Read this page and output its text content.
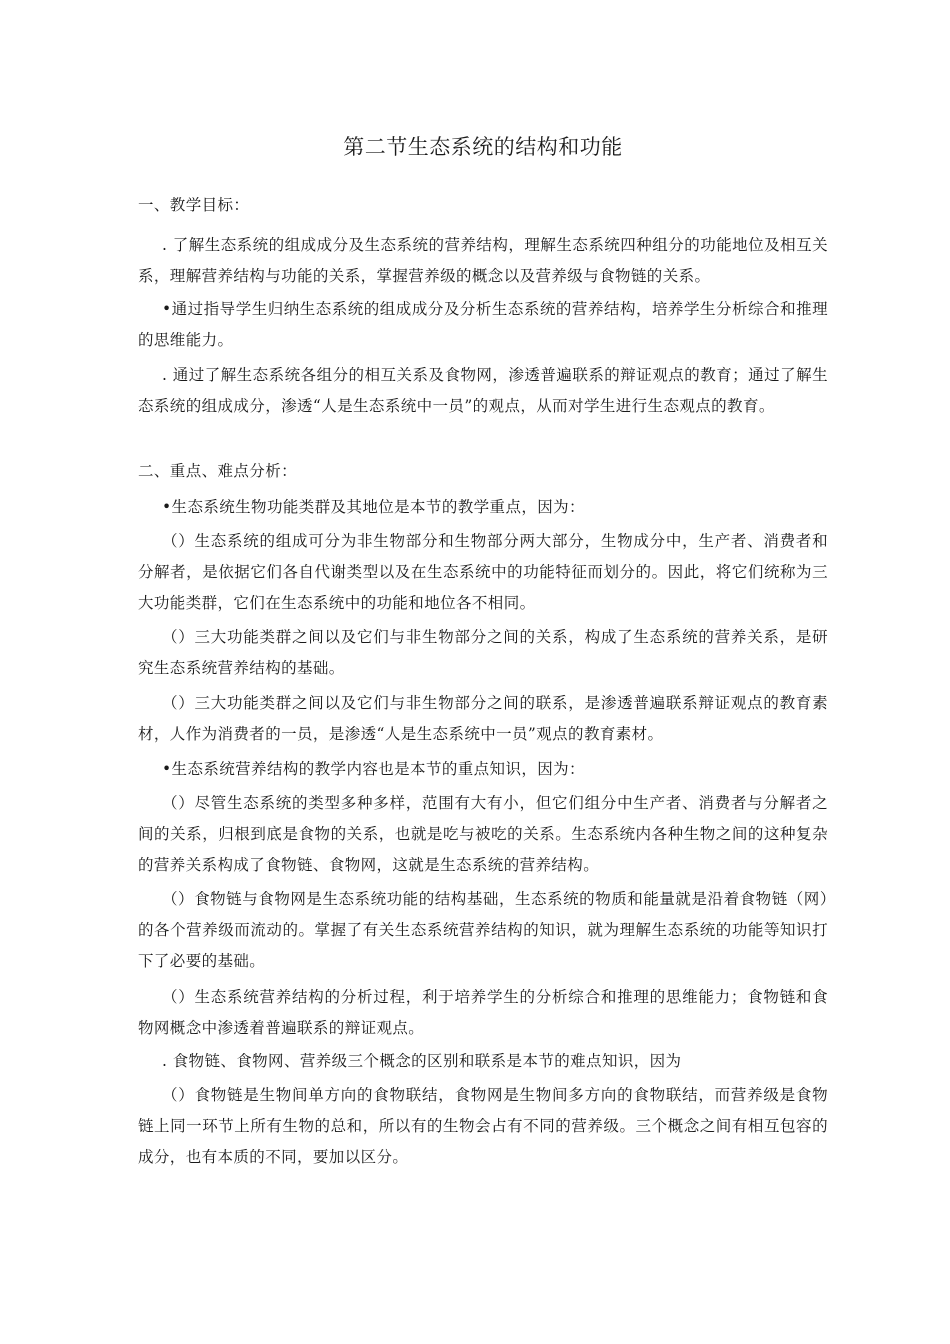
第二节生态系统的结构和功能

一、教学目标：

. 了解生态系统的组成成分及生态系统的营养结构，理解生态系统四种组分的功能地位及相互关系，理解营养结构与功能的关系，掌握营养级的概念以及营养级与食物链的关系。

•通过指导学生归纳生态系统的组成成分及分析生态系统的营养结构，培养学生分析综合和推理的思维能力。

. 通过了解生态系统各组分的相互关系及食物网，渗透普遍联系的辩证观点的教育；通过了解生态系统的组成成分，渗透“人是生态系统中一员”的观点，从而对学生进行生态观点的教育。

二、重点、难点分析：

•生态系统生物功能类群及其地位是本节的教学重点，因为：

（）生态系统的组成可分为非生物部分和生物部分两大部分，生物成分中，生产者、消费者和分解者，是依据它们各自代谢类型以及在生态系统中的功能特征而划分的。因此，将它们统称为三大功能类群，它们在生态系统中的功能和地位各不相同。

（）三大功能类群之间以及它们与非生物部分之间的关系，构成了生态系统的营养关系，是研究生态系统营养结构的基础。

（）三大功能类群之间以及它们与非生物部分之间的联系，是渗透普遍联系辩证观点的教育素材，人作为消费者的一员，是渗透“人是生态系统中一员”观点的教育素材。

•生态系统营养结构的教学内容也是本节的重点知识，因为：

（）尽管生态系统的类型多种多样，范围有大有小，但它们组分中生产者、消费者与分解者之间的关系，归根到底是食物的关系，也就是吃与被吃的关系。生态系统内各种生物之间的这种复杂的营养关系构成了食物链、食物网，这就是生态系统的营养结构。

（）食物链与食物网是生态系统功能的结构基础，生态系统的物质和能量就是沿着食物链（网）的各个营养级而流动的。掌握了有关生态系统营养结构的知识，就为理解生态系统的功能等知识打下了必要的基础。

（）生态系统营养结构的分析过程，利于培养学生的分析综合和推理的思维能力；食物链和食物网概念中渗透着普遍联系的辩证观点。

. 食物链、食物网、营养级三个概念的区别和联系是本节的难点知识，因为

（）食物链是生物间单方向的食物联结，食物网是生物间多方向的食物联结，而营养级是食物链上同一环节上所有生物的总和，所以有的生物会占有不同的营养级。三个概念之间有相互包容的成分，也有本质的不同，要加以区分。
